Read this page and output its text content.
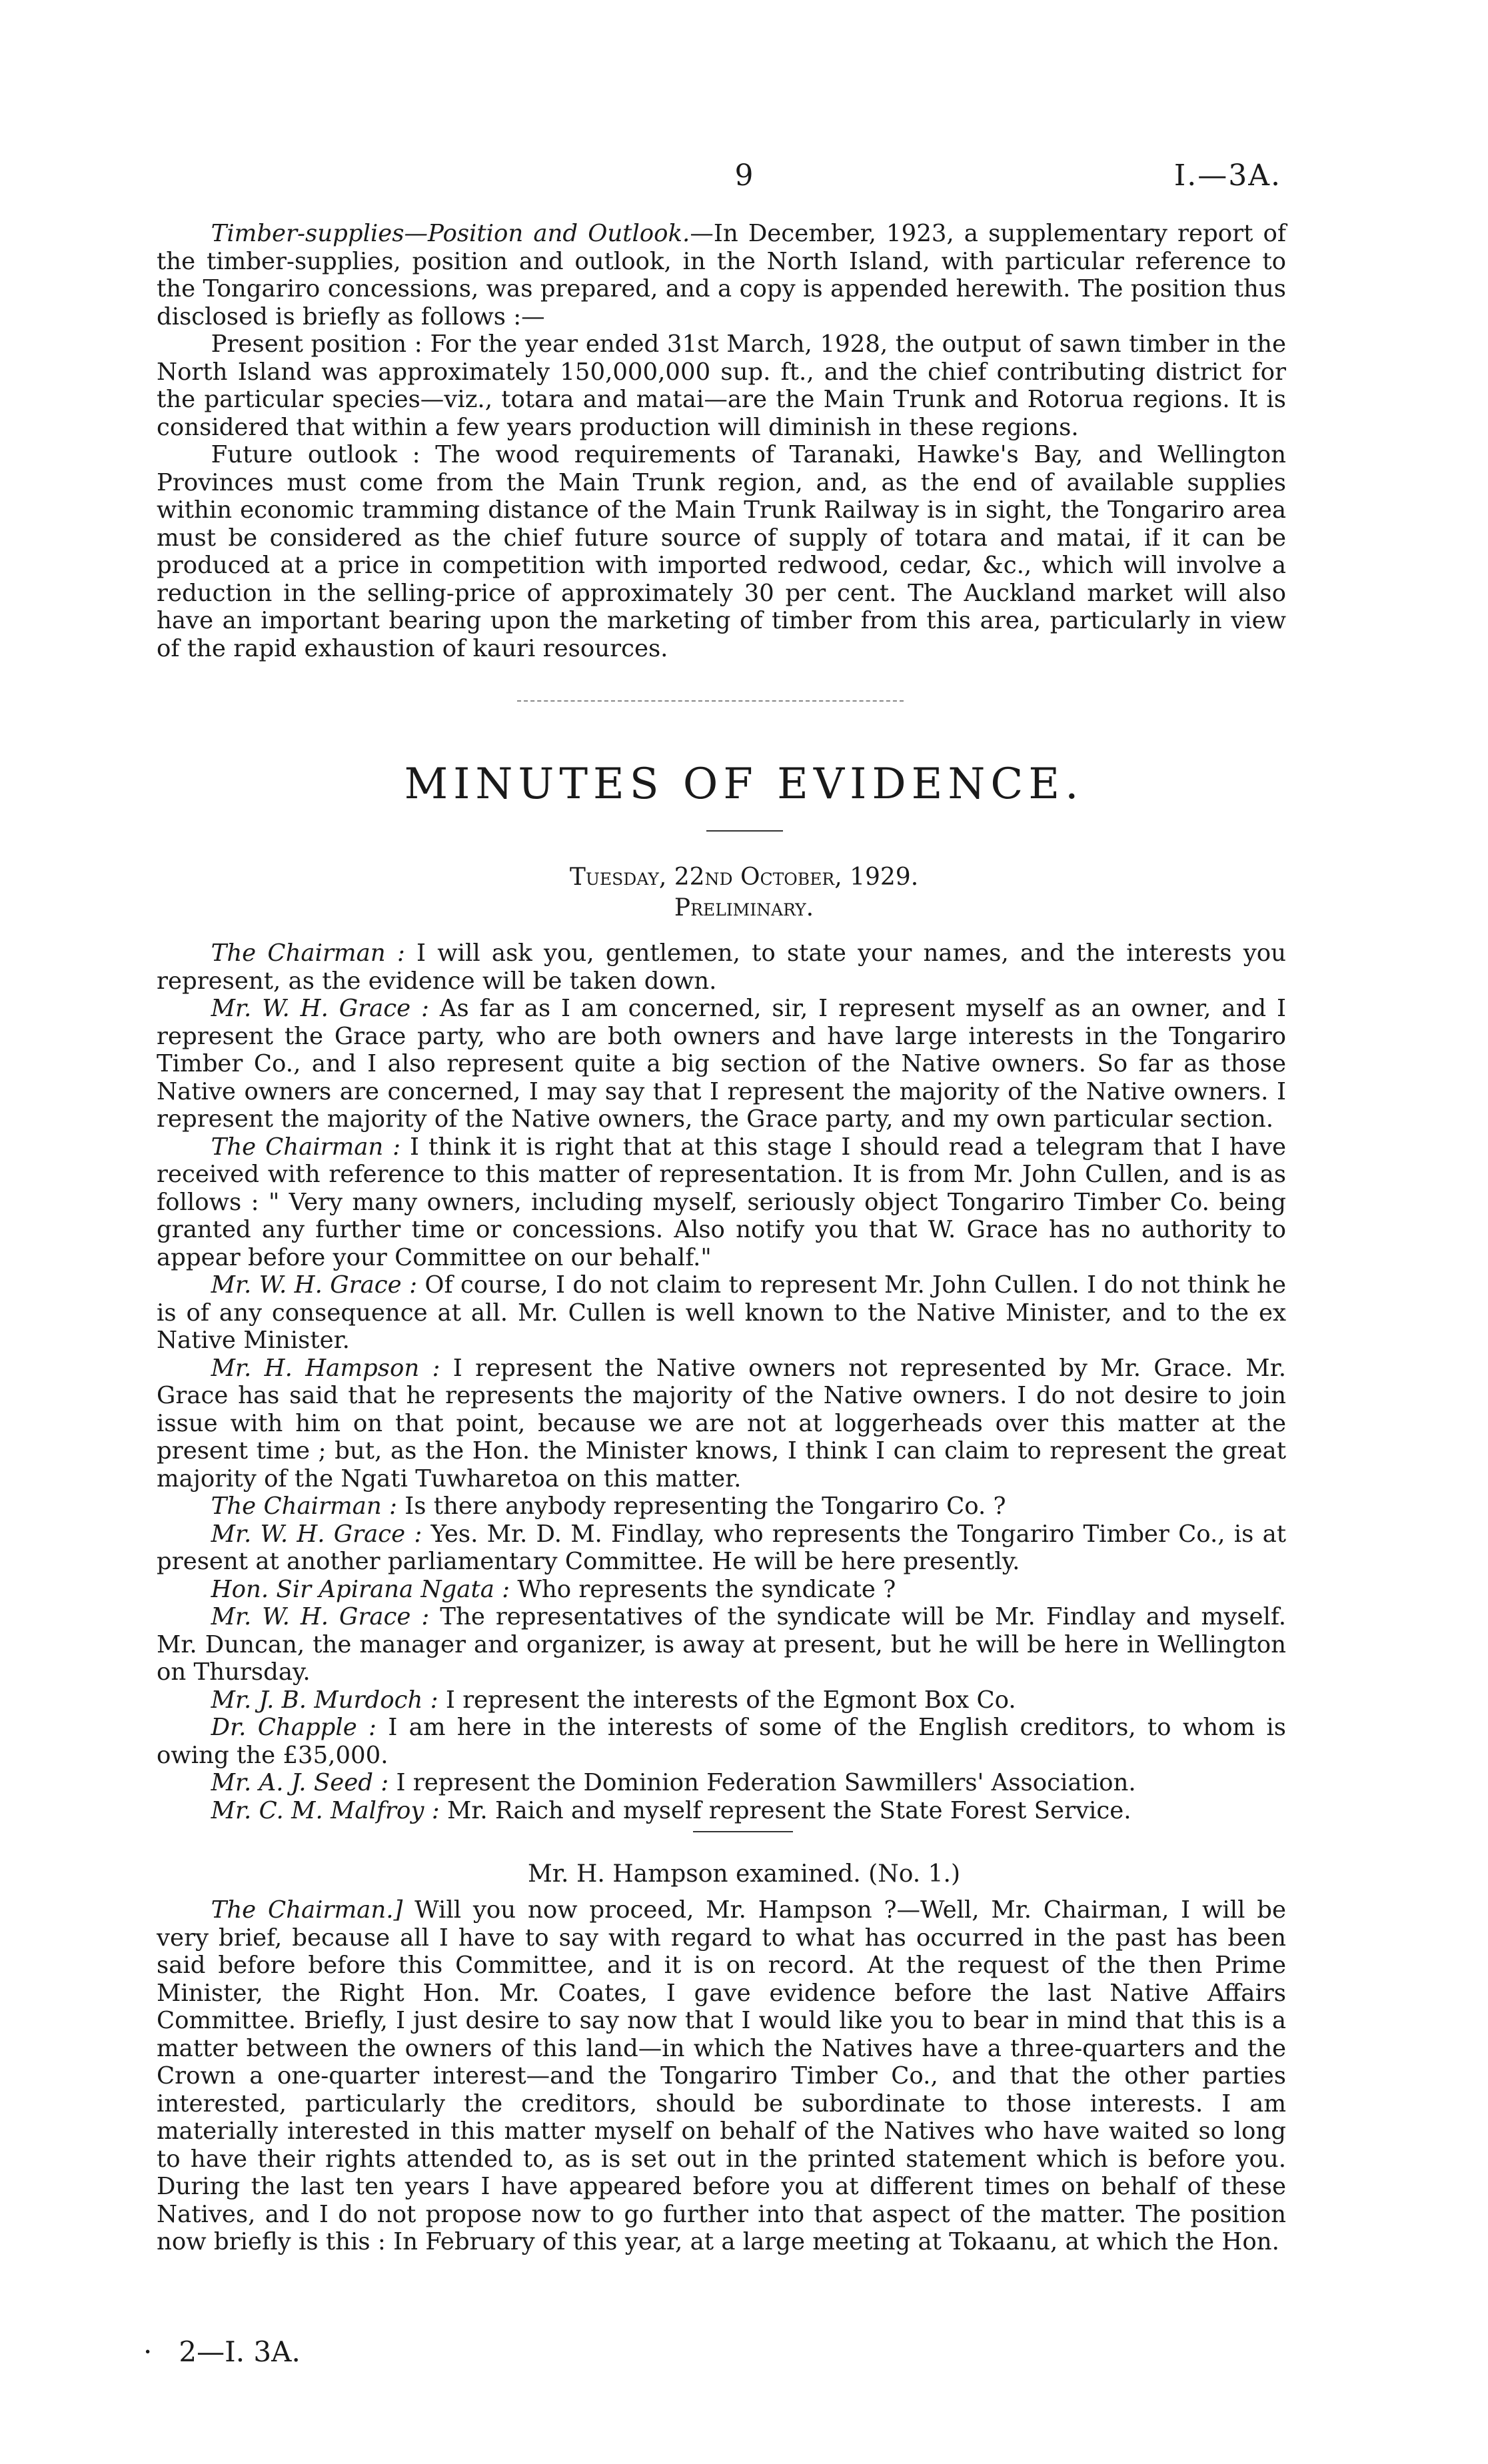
9	I.—3A.

Timber-supplies—Position and Outlook.—In December, 1923, a supplementary report of the timber-supplies, position and outlook, in the North Island, with particular reference to the Tongariro concessions, was prepared, and a copy is appended herewith. The position thus disclosed is briefly as follows :—

Present position : For the year ended 31st March, 1928, the output of sawn timber in the North Island was approximately 150,000,000 sup. ft., and the chief contributing district for the particular species—viz., totara and matai—are the Main Trunk and Rotorua regions. It is considered that within a few years production will diminish in these regions.

Future outlook : The wood requirements of Taranaki, Hawke's Bay, and Wellington Provinces must come from the Main Trunk region, and, as the end of available supplies within economic tramming distance of the Main Trunk Railway is in sight, the Tongariro area must be considered as the chief future source of supply of totara and matai, if it can be produced at a price in competition with imported redwood, cedar, &c., which will involve a reduction in the selling-price of approximately 30 per cent. The Auckland market will also have an important bearing upon the marketing of timber from this area, particularly in view of the rapid exhaustion of kauri resources.

MINUTES OF EVIDENCE.
Tuesday, 22nd October, 1929.
Preliminary.

The Chairman : I will ask you, gentlemen, to state your names, and the interests you represent, as the evidence will be taken down.

Mr. W. H. Grace : As far as I am concerned, sir, I represent myself as an owner, and I represent the Grace party, who are both owners and have large interests in the Tongariro Timber Co., and I also represent quite a big section of the Native owners. So far as those Native owners are concerned, I may say that I represent the majority of the Native owners. I represent the majority of the Native owners, the Grace party, and my own particular section.

The Chairman : I think it is right that at this stage I should read a telegram that I have received with reference to this matter of representation. It is from Mr. John Cullen, and is as follows : " Very many owners, including myself, seriously object Tongariro Timber Co. being granted any further time or concessions. Also notify you that W. Grace has no authority to appear before your Committee on our behalf."

Mr. W. H. Grace : Of course, I do not claim to represent Mr. John Cullen. I do not think he is of any consequence at all. Mr. Cullen is well known to the Native Minister, and to the ex Native Minister.

Mr. H. Hampson : I represent the Native owners not represented by Mr. Grace. Mr. Grace has said that he represents the majority of the Native owners. I do not desire to join issue with him on that point, because we are not at loggerheads over this matter at the present time ; but, as the Hon. the Minister knows, I think I can claim to represent the great majority of the Ngati Tuwharetoa on this matter.

The Chairman : Is there anybody representing the Tongariro Co. ?

Mr. W. H. Grace : Yes. Mr. D. M. Findlay, who represents the Tongariro Timber Co., is at present at another parliamentary Committee. He will be here presently.

Hon. Sir Apirana Ngata : Who represents the syndicate ?

Mr. W. H. Grace : The representatives of the syndicate will be Mr. Findlay and myself. Mr. Duncan, the manager and organizer, is away at present, but he will be here in Wellington on Thursday.

Mr. J. B. Murdoch : I represent the interests of the Egmont Box Co.

Dr. Chapple : I am here in the interests of some of the English creditors, to whom is owing the £35,000.

Mr. A. J. Seed : I represent the Dominion Federation Sawmillers' Association.

Mr. C. M. Malfroy : Mr. Raich and myself represent the State Forest Service.

Mr. H. Hampson examined. (No. 1.)

The Chairman.] Will you now proceed, Mr. Hampson ?—Well, Mr. Chairman, I will be very brief, because all I have to say with regard to what has occurred in the past has been said before before this Committee, and it is on record. At the request of the then Prime Minister, the Right Hon. Mr. Coates, I gave evidence before the last Native Affairs Committee. Briefly, I just desire to say now that I would like you to bear in mind that this is a matter between the owners of this land—in which the Natives have a three-quarters and the Crown a one-quarter interest—and the Tongariro Timber Co., and that the other parties interested, particularly the creditors, should be subordinate to those interests. I am materially interested in this matter myself on behalf of the Natives who have waited so long to have their rights attended to, as is set out in the printed statement which is before you. During the last ten years I have appeared before you at different times on behalf of these Natives, and I do not propose now to go further into that aspect of the matter. The position now briefly is this : In February of this year, at a large meeting at Tokaanu, at which the Hon.

·   2—I. 3A.
